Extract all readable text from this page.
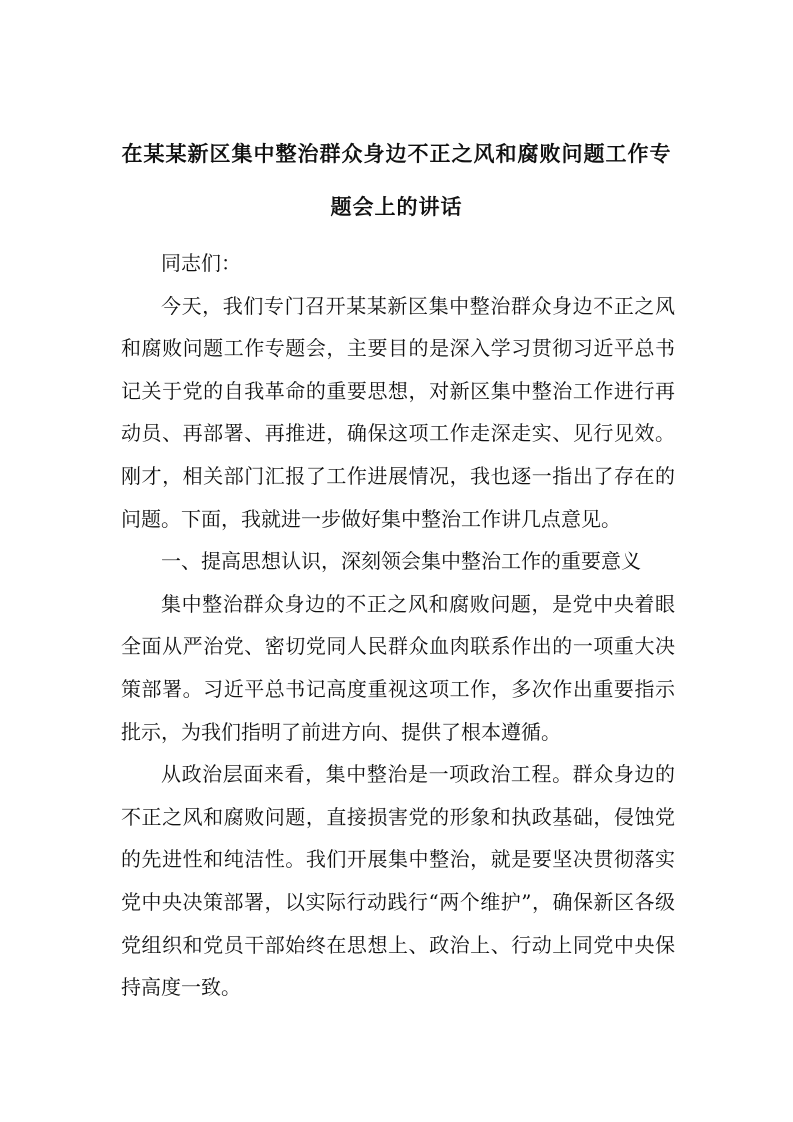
在某某新区集中整治群众身边不正之风和腐败问题工作专
题会上的讲话

同志们：

今天，我们专门召开某某新区集中整治群众身边不正之风和腐败问题工作专题会，主要目的是深入学习贯彻习近平总书记关于党的自我革命的重要思想，对新区集中整治工作进行再动员、再部署、再推进，确保这项工作走深走实、见行见效。刚才，相关部门汇报了工作进展情况，我也逐一指出了存在的问题。下面，我就进一步做好集中整治工作讲几点意见。

一、提高思想认识，深刻领会集中整治工作的重要意义

集中整治群众身边的不正之风和腐败问题，是党中央着眼全面从严治党、密切党同人民群众血肉联系作出的一项重大决策部署。习近平总书记高度重视这项工作，多次作出重要指示批示，为我们指明了前进方向、提供了根本遵循。

从政治层面来看，集中整治是一项政治工程。群众身边的不正之风和腐败问题，直接损害党的形象和执政基础，侵蚀党的先进性和纯洁性。我们开展集中整治，就是要坚决贯彻落实党中央决策部署，以实际行动践行“两个维护”，确保新区各级党组织和党员干部始终在思想上、政治上、行动上同党中央保持高度一致。
